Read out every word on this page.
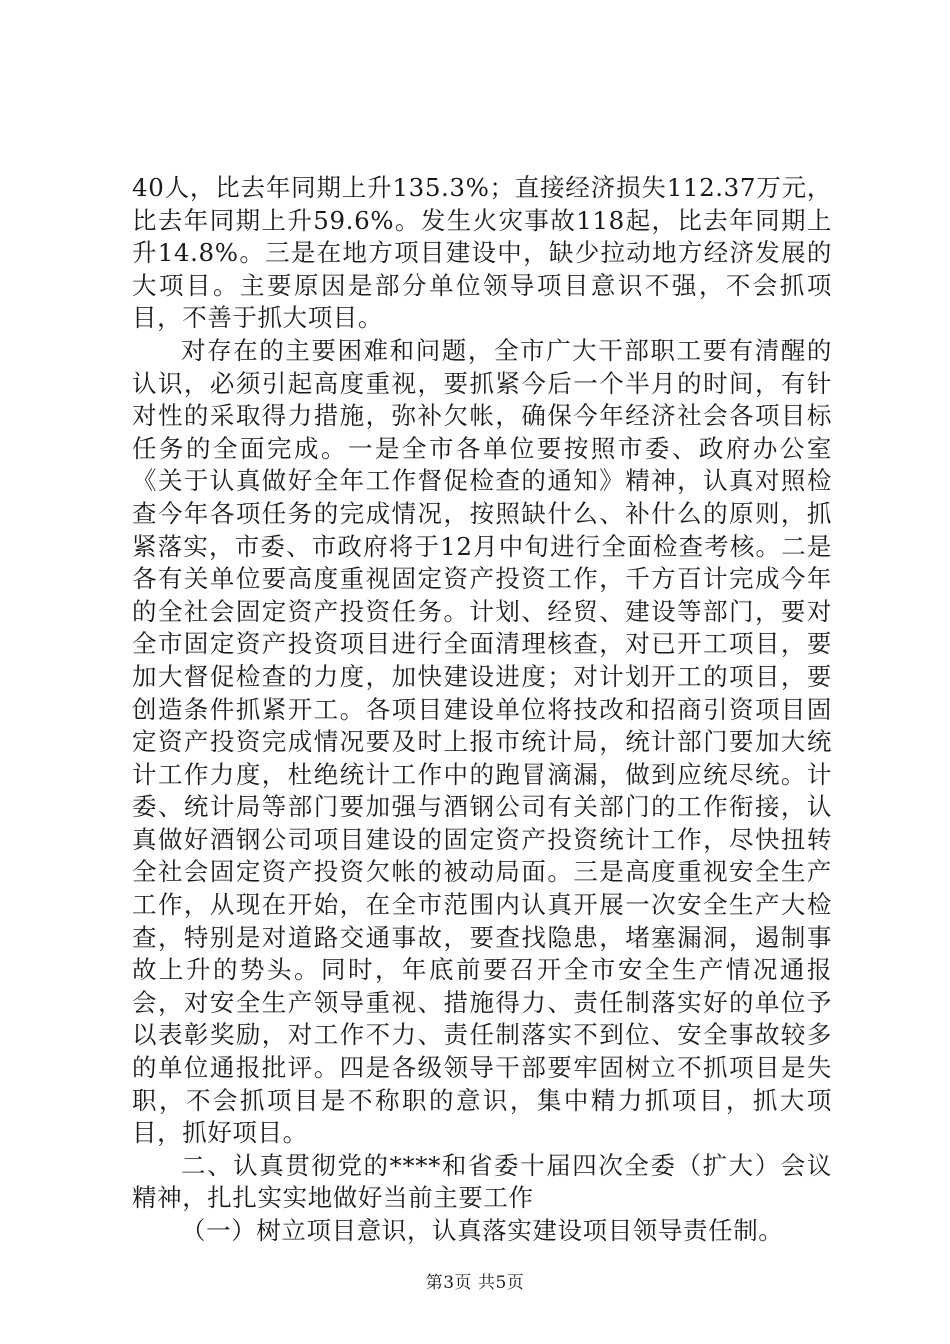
40人，比去年同期上升135.3%；直接经济损失112.37万元，比去年同期上升59.6%。发生火灾事故118起，比去年同期上升14.8%。三是在地方项目建设中，缺少拉动地方经济发展的大项目。主要原因是部分单位领导项目意识不强，不会抓项目，不善于抓大项目。

对存在的主要困难和问题，全市广大干部职工要有清醒的认识，必须引起高度重视，要抓紧今后一个半月的时间，有针对性的采取得力措施，弥补欠帐，确保今年经济社会各项目标任务的全面完成。一是全市各单位要按照市委、政府办公室《关于认真做好全年工作督促检查的通知》精神，认真对照检查今年各项任务的完成情况，按照缺什么、补什么的原则，抓紧落实，市委、市政府将于12月中旬进行全面检查考核。二是各有关单位要高度重视固定资产投资工作，千方百计完成今年的全社会固定资产投资任务。计划、经贸、建设等部门，要对全市固定资产投资项目进行全面清理核查，对已开工项目，要加大督促检查的力度，加快建设进度；对计划开工的项目，要创造条件抓紧开工。各项目建设单位将技改和招商引资项目固定资产投资完成情况要及时上报市统计局，统计部门要加大统计工作力度，杜绝统计工作中的跑冒滴漏，做到应统尽统。计委、统计局等部门要加强与酒钢公司有关部门的工作衔接，认真做好酒钢公司项目建设的固定资产投资统计工作，尽快扭转全社会固定资产投资欠帐的被动局面。三是高度重视安全生产工作，从现在开始，在全市范围内认真开展一次安全生产大检查，特别是对道路交通事故，要查找隐患，堵塞漏洞，遏制事故上升的势头。同时，年底前要召开全市安全生产情况通报会，对安全生产领导重视、措施得力、责任制落实好的单位予以表彰奖励，对工作不力、责任制落实不到位、安全事故较多的单位通报批评。四是各级领导干部要牢固树立不抓项目是失职，不会抓项目是不称职的意识，集中精力抓项目，抓大项目，抓好项目。

二、认真贯彻党的****和省委十届四次全委（扩大）会议精神，扎扎实实地做好当前主要工作

（一）树立项目意识，认真落实建设项目领导责任制。

第3页 共5页
